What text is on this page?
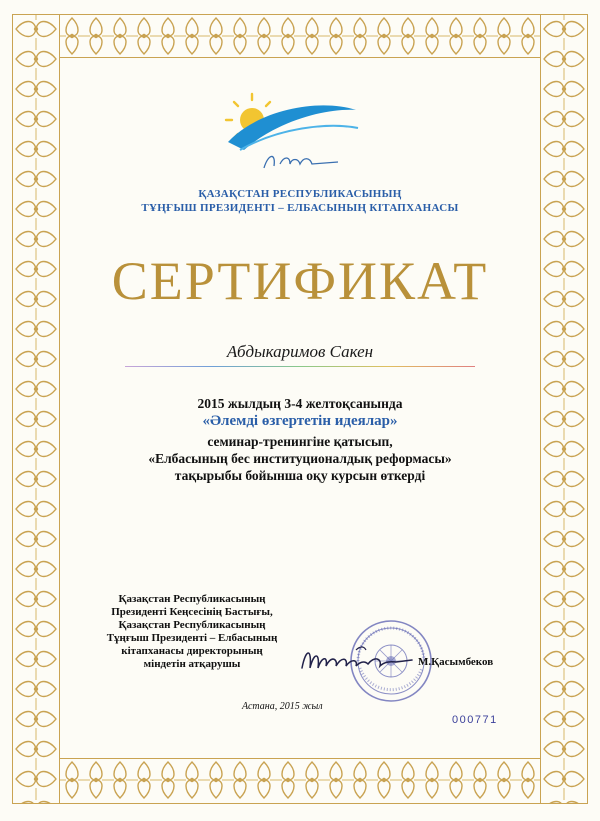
ҚАЗАҚСТАН РЕСПУБЛИКАСЫНЫҢ
ТҰҢҒЫШ ПРЕЗИДЕНТІ – ЕЛБАСЫНЫҢ КІТАПХАНАСЫ
СЕРТИФИКАТ
Абдыкаримов Сакен
2015 жылдың 3-4 желтоқсанында
«Әлемді өзгертетін идеялар»
семинар-тренингіне қатысып,
«Елбасының бес институционалдық реформасы»
тақырыбы бойынша оқу курсын өткерді
Қазақстан Республикасының
Президенті Кеңсесінің Бастығы,
Қазақстан Республикасының
Тұңғыш Президенті – Елбасының
кітапханасы директорының
міндетін атқарушы	М.Қасымбеков
Астана, 2015 жыл
000771
